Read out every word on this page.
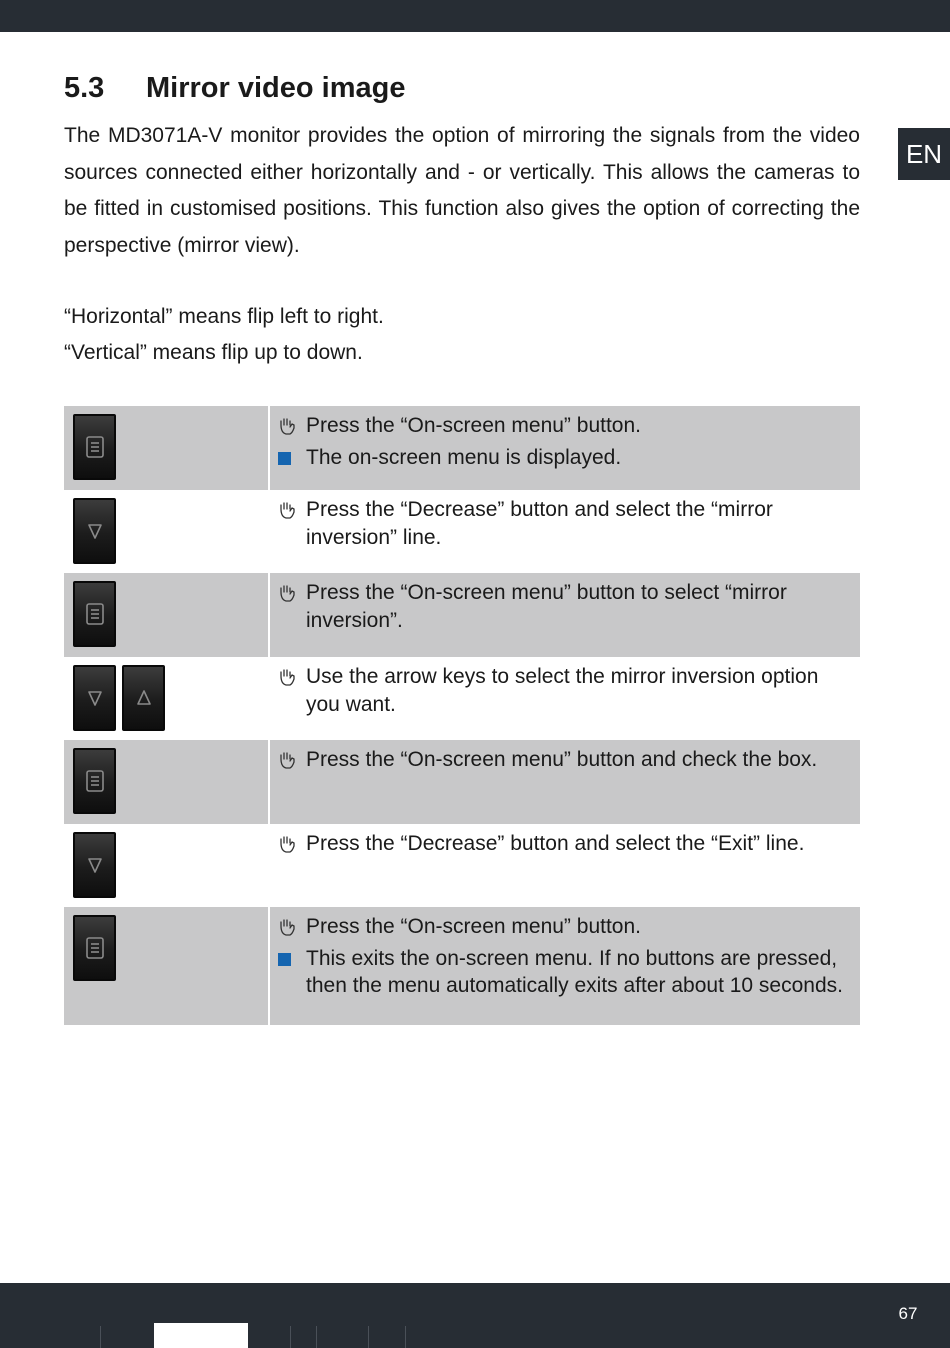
EN
5.3	Mirror video image

The MD3071A-V monitor provides the option of mirroring the signals from the video sources connected either horizontally and - or vertically. This allows the cameras to be fitted in customised positions. This function also gives the option of correcting the perspective (mirror view).

“Horizontal” means flip left to right.

“Vertical” means flip up to down.

Press the “On-screen menu” button.
The on-screen menu is displayed.
Press the “Decrease” button and select the “mirror inversion” line.
Press the “On-screen menu” button to select “mirror inversion”.
Use the arrow keys to select the mirror inversion option you want.
Press the “On-screen menu” button and check the box.
Press the “Decrease” button and select the “Exit” line.
Press the “On-screen menu” button.
This exits the on-screen menu. If no buttons are pressed, then the menu automatically exits after about 10 seconds.
67
